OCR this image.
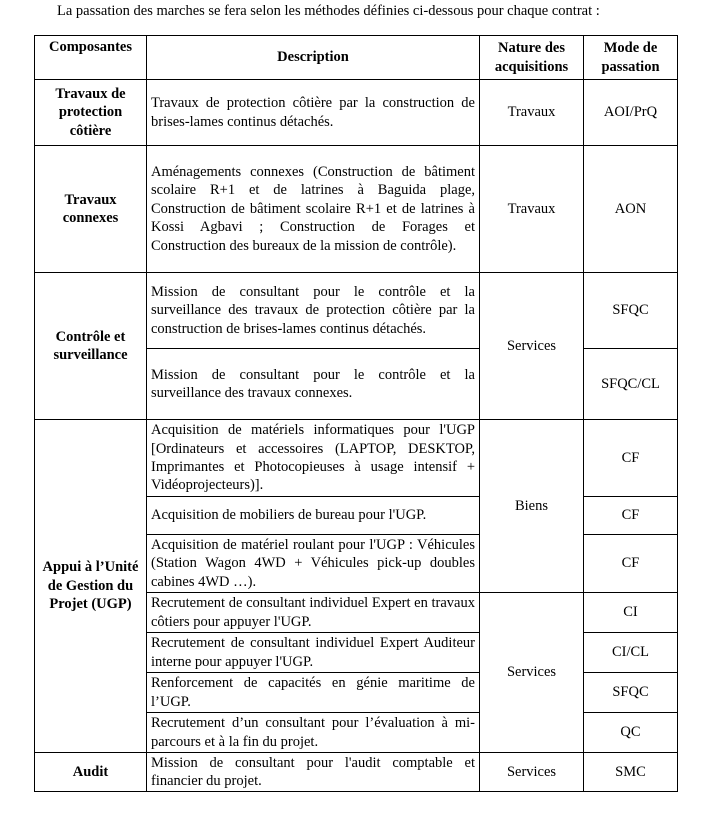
La passation des marches se fera selon les méthodes définies ci-dessous pour chaque contrat :
Composantes	Description	Nature des acquisitions	Mode de passation
Travaux de protection côtière	Travaux de protection côtière par la construction de brises-lames continus détachés.	Travaux	AOI/PrQ
Travaux connexes	Aménagements connexes (Construction de bâtiment scolaire R+1 et de latrines à Baguida plage, Construction de bâtiment scolaire R+1 et de latrines à Kossi Agbavi ; Construction de Forages et Construction des bureaux de la mission de contrôle).	Travaux	AON
Contrôle et surveillance	Mission de consultant pour le contrôle et la surveillance des travaux de protection côtière par la construction de brises-lames continus détachés.	Services	SFQC
	Mission de consultant pour le contrôle et la surveillance des travaux connexes.		SFQC/CL
Appui à l’Unité de Gestion du Projet (UGP)	Acquisition de matériels informatiques pour l'UGP [Ordinateurs et accessoires (LAPTOP, DESKTOP, Imprimantes et Photocopieuses à usage intensif + Vidéoprojecteurs)].	Biens	CF
	Acquisition de mobiliers de bureau pour l'UGP.		CF
	Acquisition de matériel roulant pour l'UGP : Véhicules (Station Wagon 4WD + Véhicules pick-up doubles cabines 4WD …).		CF
	Recrutement de consultant individuel Expert en travaux côtiers pour appuyer l'UGP.	Services	CI
	Recrutement de consultant individuel Expert Auditeur interne pour appuyer l'UGP.		CI/CL
	Renforcement de capacités en génie maritime de l’UGP.		SFQC
	Recrutement d’un consultant pour l’évaluation à mi-parcours et à la fin du projet.		QC
Audit	Mission de consultant pour l'audit comptable et financier du projet.	Services	SMC
